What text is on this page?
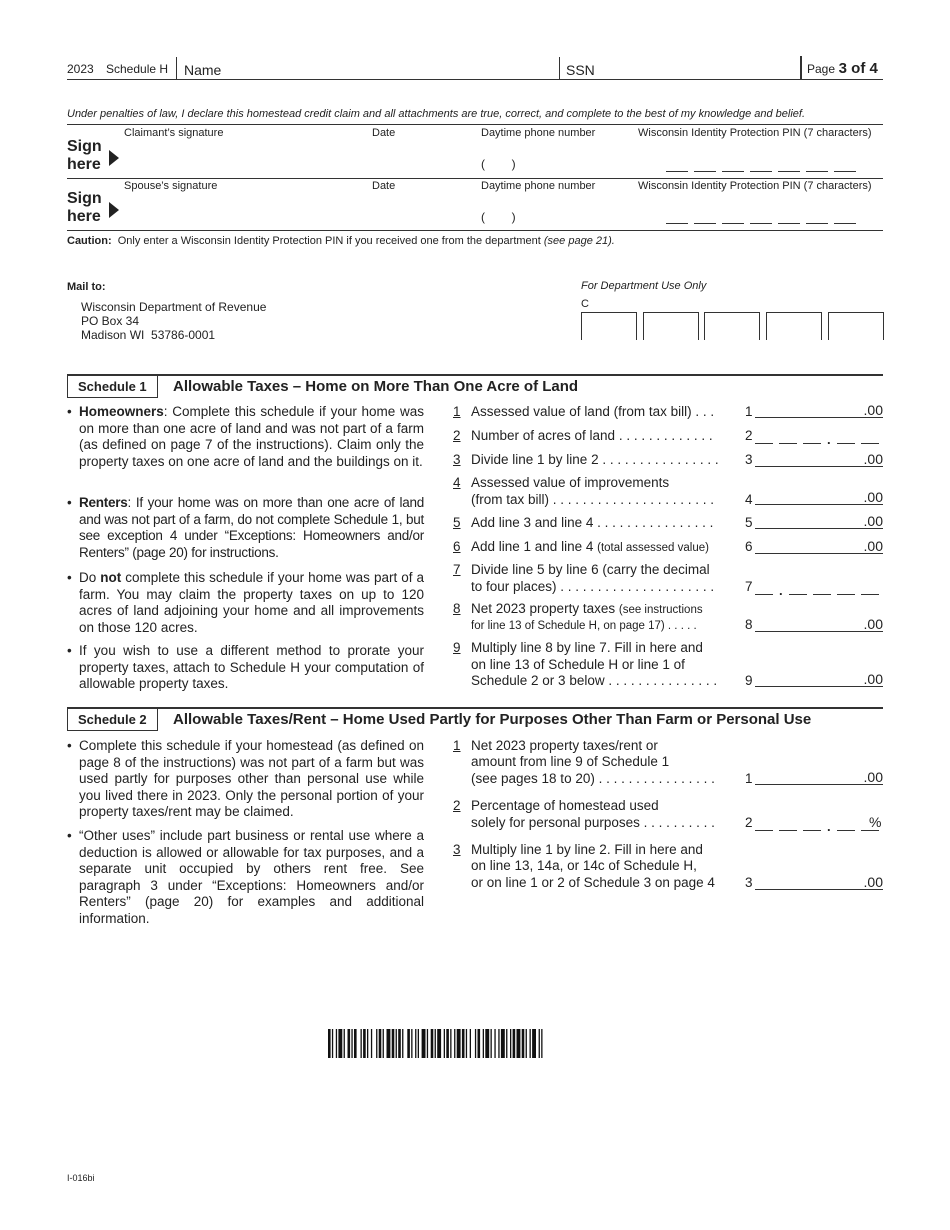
2023 Schedule H Name	SSN	Page 3 of 4
Under penalties of law, I declare this homestead credit claim and all attachments are true, correct, and complete to the best of my knowledge and belief.
Sign
here
Claimant’s signature	Date	Daytime phone number
(        )
Wisconsin Identity Protection PIN (7 characters)
Sign
here
Spouse’s signature	Date	Daytime phone number
(        )
Wisconsin Identity Protection PIN (7 characters)
Caution: Only enter a Wisconsin Identity Protection PIN if you received one from the department (see page 21).
Mail to:
Wisconsin Department of Revenue
PO Box 34
Madison WI  53786-0001
For Department Use Only
C
Schedule 1	Allowable Taxes – Home on More Than One Acre of Land
• Homeowners: Complete this schedule if your home was on more than one acre of land and was not part of a farm (as defined on page 7 of the instructions). Claim only the property taxes on one acre of land and the buildings on it.
• Renters: If your home was on more than one acre of land and was not part of a farm, do not complete Schedule 1, but see exception 4 under “Exceptions: Homeowners and/or Renters” (page 20) for instructions.
• Do not complete this schedule if your home was part of a farm. You may claim the property taxes on up to 120 acres of land adjoining your home and all improvements on those 120 acres.
• If you wish to use a different method to prorate your property taxes, attach to Schedule H your computation of allowable property taxes.
1 Assessed value of land (from tax bill) . . . 1	.00
2 Number of acres of land . . . . . . . . . . . . . 2	.
3 Divide line 1 by line 2 . . . . . . . . . . . . . . . . 3	.00
4 Assessed value of improvements
(from tax bill) . . . . . . . . . . . . . . . . . . . . . . 4	.00
5 Add line 3 and line 4 . . . . . . . . . . . . . . . . 5	.00
6 Add line 1 and line 4 (total assessed value)	6	.00
7 Divide line 5 by line 6 (carry the decimal
to four places) . . . . . . . . . . . . . . . . . . . . . 7	.
8 Net 2023 property taxes (see instructions
for line 13 of Schedule H, on page 17) . . . . .	8	.00
9 Multiply line 8 by line 7. Fill in here and
on line 13 of Schedule H or line 1 of
Schedule 2 or 3 below . . . . . . . . . . . . . . . 9	.00
Schedule 2	Allowable Taxes/Rent – Home Used Partly for Purposes Other Than Farm or Personal Use
• Complete this schedule if your homestead (as defined on page 8 of the instructions) was not part of a farm but was used partly for purposes other than personal use while you lived there in 2023. Only the personal portion of your property taxes/rent may be claimed.
• “Other uses” include part business or rental use where a deduction is allowed or allowable for tax purposes, and a separate unit occupied by others rent free. See paragraph 3 under “Exceptions: Homeowners and/or Renters” (page 20) for examples and additional information.
1 Net 2023 property taxes/rent or
amount from line 9 of Schedule 1
(see pages 18 to 20) . . . . . . . . . . . . . . . . 1	.00
2 Percentage of homestead used
solely for personal purposes . . . . . . . . . . 2	.	%
3 Multiply line 1 by line 2. Fill in here and
on line 13, 14a, or 14c of Schedule H,
or on line 1 or 2 of Schedule 3 on page 4 3	.00
I-016bi
